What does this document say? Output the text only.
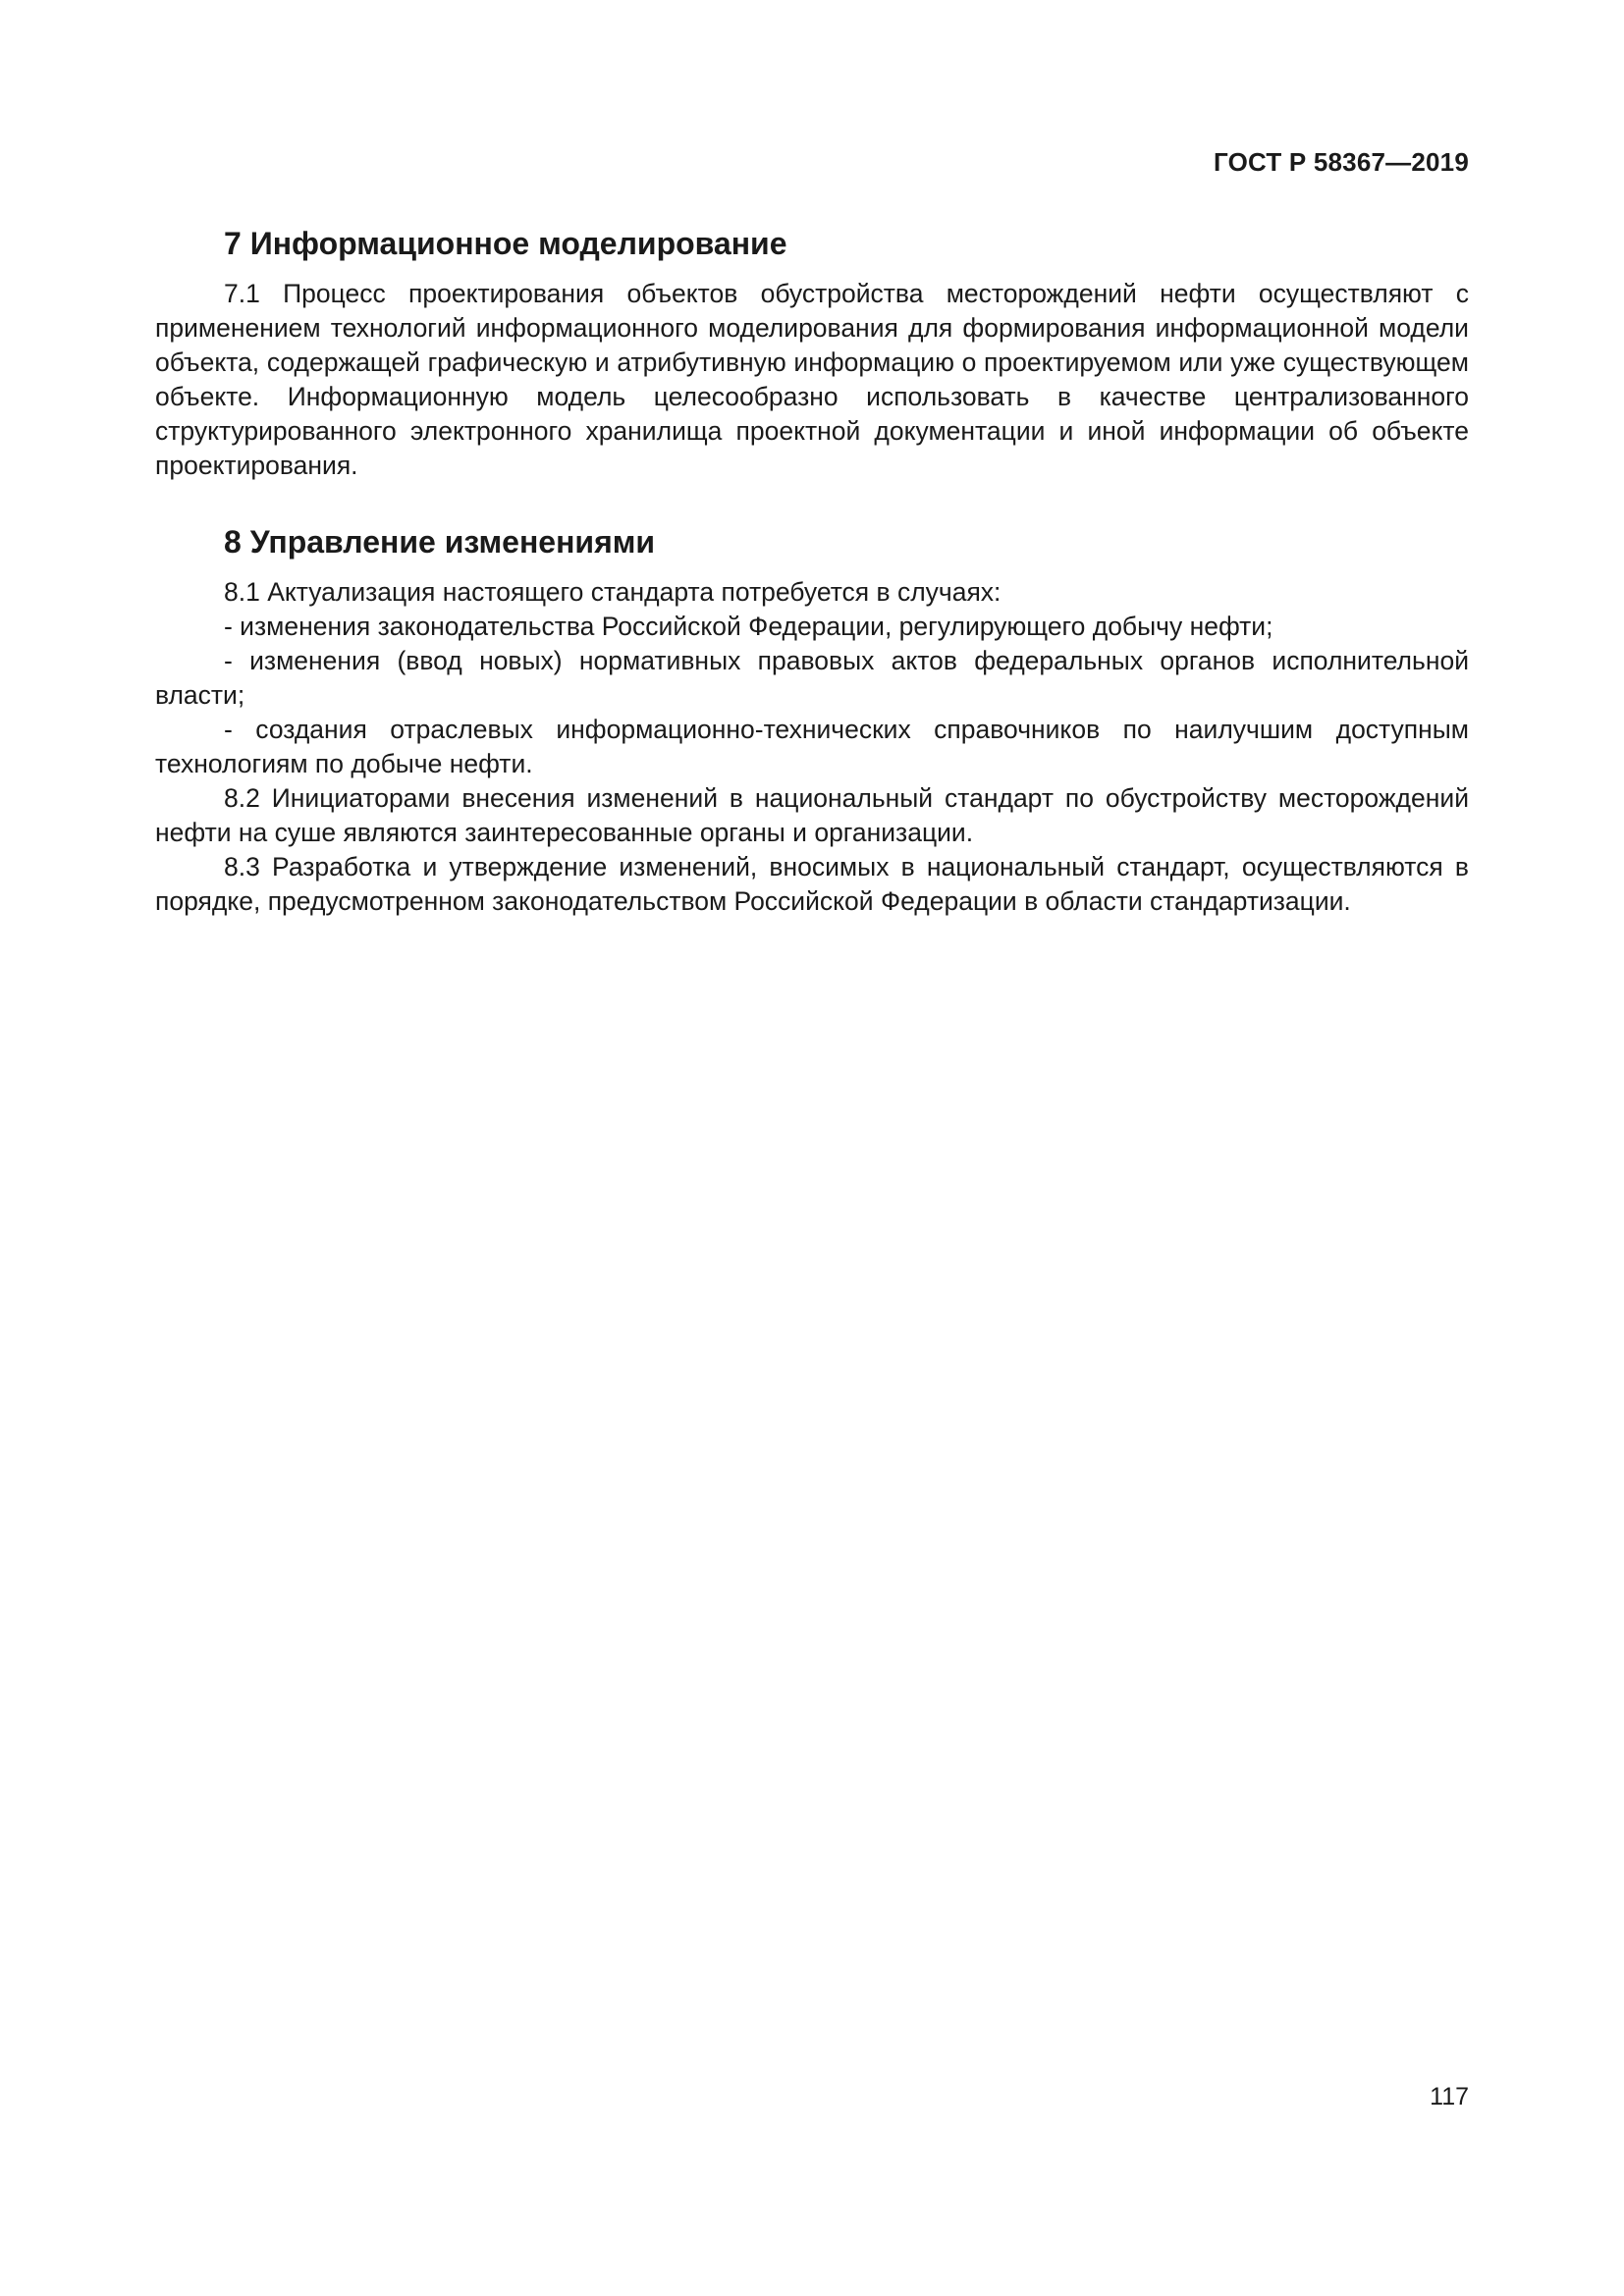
ГОСТ Р 58367—2019
7 Информационное моделирование

7.1 Процесс проектирования объектов обустройства месторождений нефти осуществляют с применением технологий информационного моделирования для формирования информационной модели объекта, содержащей графическую и атрибутивную информацию о проектируемом или уже существующем объекте. Информационную модель целесообразно использовать в качестве централизованного структурированного электронного хранилища проектной документации и иной информации об объекте проектирования.

8 Управление изменениями

8.1 Актуализация настоящего стандарта потребуется в случаях:

- изменения законодательства Российской Федерации, регулирующего добычу нефти;

- изменения (ввод новых) нормативных правовых актов федеральных органов исполнительной власти;

- создания отраслевых информационно-технических справочников по наилучшим доступным технологиям по добыче нефти.

8.2 Инициаторами внесения изменений в национальный стандарт по обустройству месторождений нефти на суше являются заинтересованные органы и организации.

8.3 Разработка и утверждение изменений, вносимых в национальный стандарт, осуществляются в порядке, предусмотренном законодательством Российской Федерации в области стандартизации.

117
